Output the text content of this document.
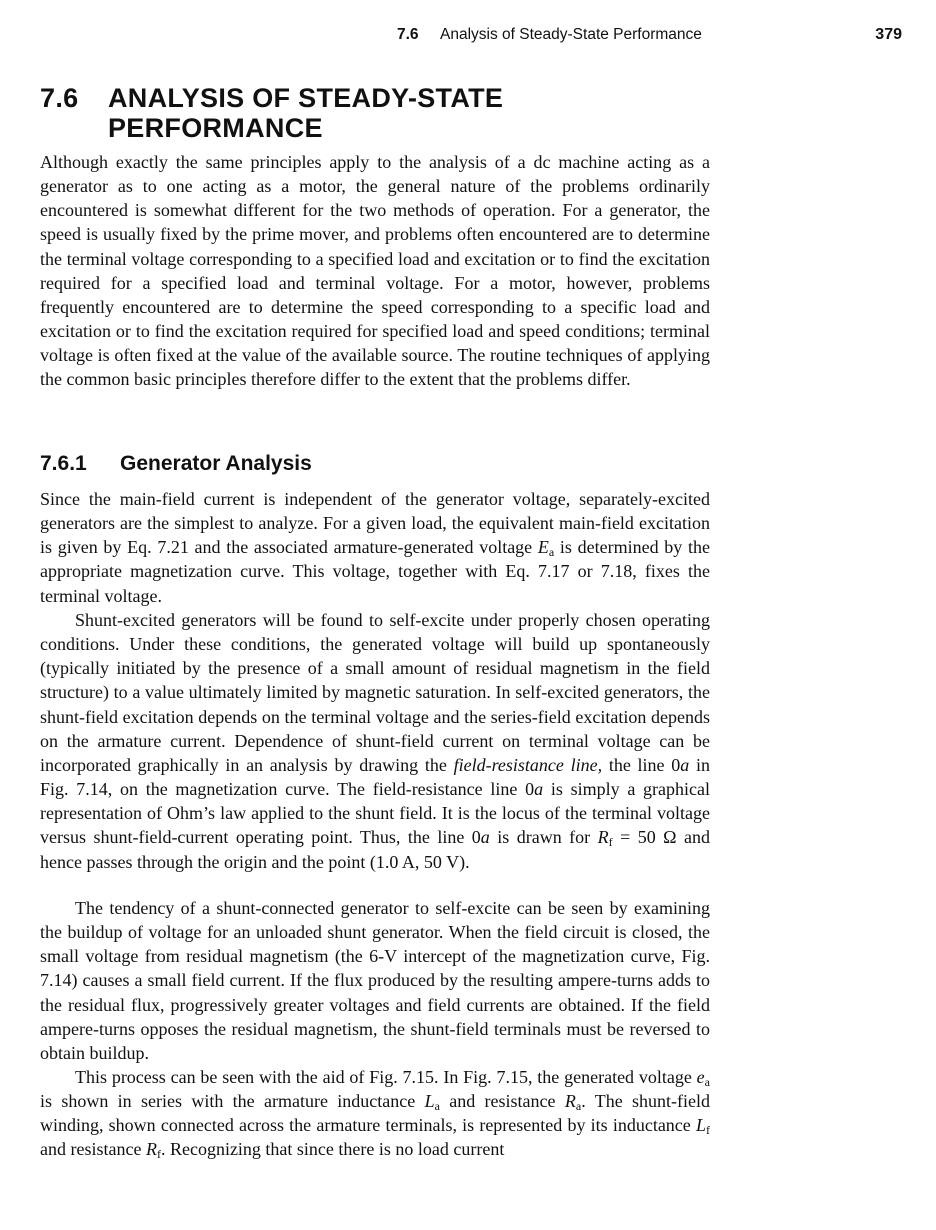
7.6 Analysis of Steady-State Performance	379
7.6 ANALYSIS OF STEADY-STATE
PERFORMANCE

Although exactly the same principles apply to the analysis of a dc machine acting as a generator as to one acting as a motor, the general nature of the problems ordinarily encountered is somewhat different for the two methods of operation. For a generator, the speed is usually fixed by the prime mover, and problems often encountered are to determine the terminal voltage corresponding to a specified load and excitation or to find the excitation required for a specified load and terminal voltage. For a motor, however, problems frequently encountered are to determine the speed corresponding to a specific load and excitation or to find the excitation required for specified load and speed conditions; terminal voltage is often fixed at the value of the available source. The routine techniques of applying the common basic principles therefore differ to the extent that the problems differ.

7.6.1 Generator Analysis

Since the main-field current is independent of the generator voltage, separately-excited generators are the simplest to analyze. For a given load, the equivalent main-field excitation is given by Eq. 7.21 and the associated armature-generated voltage $E_a$ is determined by the appropriate magnetization curve. This voltage, together with Eq. 7.17 or 7.18, fixes the terminal voltage.

Shunt-excited generators will be found to self-excite under properly chosen operating conditions. Under these conditions, the generated voltage will build up spontaneously (typically initiated by the presence of a small amount of residual magnetism in the field structure) to a value ultimately limited by magnetic saturation. In self-excited generators, the shunt-field excitation depends on the terminal voltage and the series-field excitation depends on the armature current. Dependence of shunt-field current on terminal voltage can be incorporated graphically in an analysis by drawing the field-resistance line, the line 0a in Fig. 7.14, on the magnetization curve. The field-resistance line 0a is simply a graphical representation of Ohm’s law applied to the shunt field. It is the locus of the terminal voltage versus shunt-field-current operating point. Thus, the line 0a is drawn for $R_f = 50$ Ω and hence passes through the origin and the point (1.0 A, 50 V).

The tendency of a shunt-connected generator to self-excite can be seen by examining the buildup of voltage for an unloaded shunt generator. When the field circuit is closed, the small voltage from residual magnetism (the 6-V intercept of the magnetization curve, Fig. 7.14) causes a small field current. If the flux produced by the resulting ampere-turns adds to the residual flux, progressively greater voltages and field currents are obtained. If the field ampere-turns opposes the residual magnetism, the shunt-field terminals must be reversed to obtain buildup.

This process can be seen with the aid of Fig. 7.15. In Fig. 7.15, the generated voltage $e_a$ is shown in series with the armature inductance $L_a$ and resistance $R_a$. The shunt-field winding, shown connected across the armature terminals, is represented by its inductance $L_f$ and resistance $R_f$. Recognizing that since there is no load current
